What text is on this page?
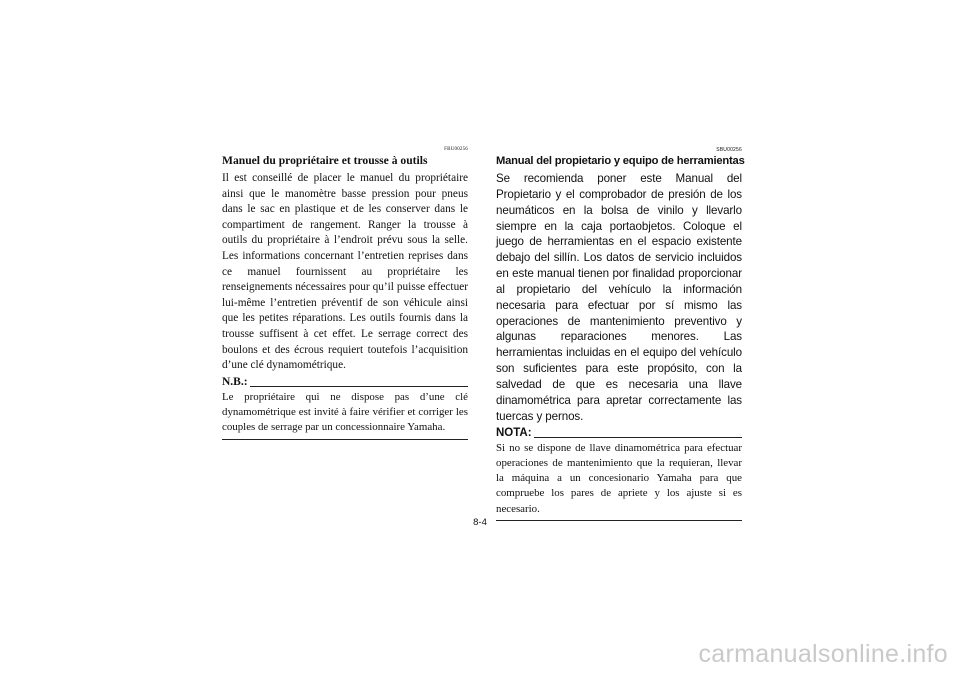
FBU00256
Manuel du propriétaire et trousse à outils

Il est conseillé de placer le manuel du propriétaire ainsi que le manomètre basse pression pour pneus dans le sac en plastique et de les conserver dans le compartiment de rangement. Ranger la trousse à outils du propriétaire à l’endroit prévu sous la selle. Les informations concernant l’entretien reprises dans ce manuel fournissent au propriétaire les renseignements nécessaires pour qu’il puisse effectuer lui-même l’entretien préventif de son véhicule ainsi que les petites réparations. Les outils fournis dans la trousse suffisent à cet effet. Le serrage correct des boulons et des écrous requiert toutefois l’acquisition d’une clé dynamométrique.

N.B.:

Le propriétaire qui ne dispose pas d’une clé dynamométrique est invité à faire vérifier et corriger les couples de serrage par un concessionnaire Yamaha.

SBU00256
Manual del propietario y equipo de herramientas

Se recomienda poner este Manual del Propietario y el comprobador de presión de los neumáticos en la bolsa de vinilo y llevarlo siempre en la caja portaobjetos. Coloque el juego de herramientas en el espacio existente debajo del sillín. Los datos de servicio incluidos en este manual tienen por finalidad proporcionar al propietario del vehículo la información necesaria para efectuar por sí mismo las operaciones de mantenimiento preventivo y algunas reparaciones menores. Las herramientas incluidas en el equipo del vehículo son suficientes para este propósito, con la salvedad de que es necesaria una llave dinamométrica para apretar correctamente las tuercas y pernos.

NOTA:

Si no se dispone de llave dinamométrica para efectuar operaciones de mantenimiento que la requieran, llevar la máquina a un concesionario Yamaha para que compruebe los pares de apriete y los ajuste si es necesario.

8-4
carmanualsonline.info
